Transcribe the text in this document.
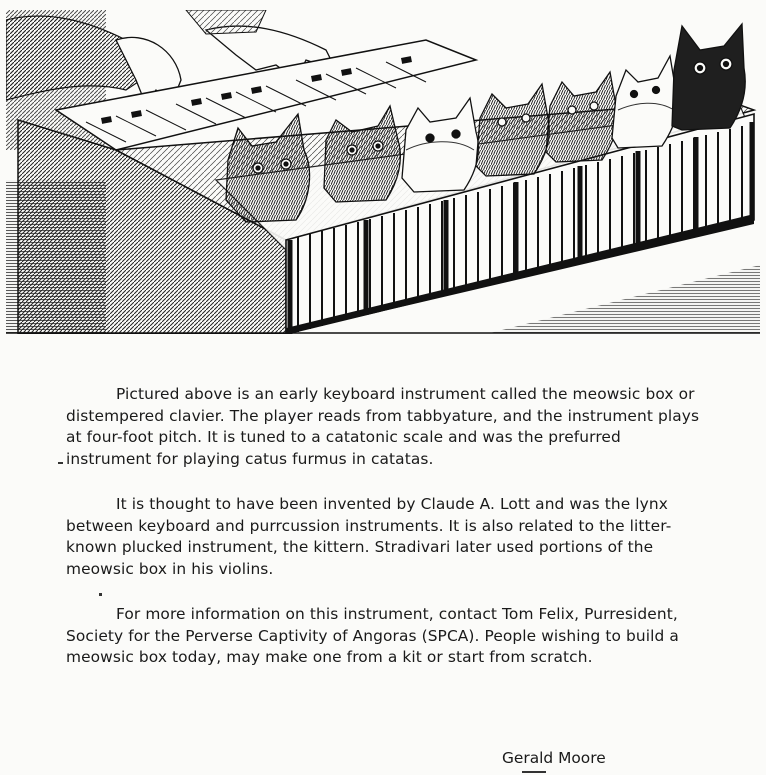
Pictured above is an early keyboard instrument called the meowsic box or distempered clavier. The player reads from tabbyature, and the instrument plays at four-foot pitch. It is tuned to a catatonic scale and was the prefurred instrument for playing catus furmus in catatas.

It is thought to have been invented by Claude A. Lott and was the lynx between keyboard and purrcussion instruments. It is also related to the litter-known plucked instrument, the kittern. Stradivari later used portions of the meowsic box in his violins.

For more information on this instrument, contact Tom Felix, Purresident, Society for the Perverse Captivity of Angoras (SPCA). People wishing to build a meowsic box today, may make one from a kit or start from scratch.

Gerald Moore
